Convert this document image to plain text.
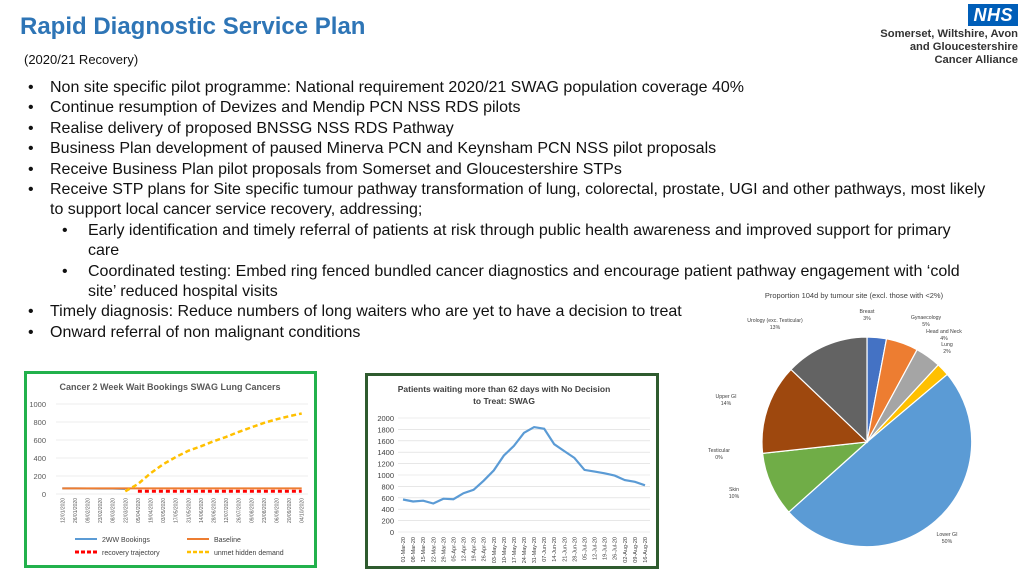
Rapid Diagnostic Service Plan
(2020/21 Recovery)
NHS
Somerset, Wiltshire, Avon
and Gloucestershire
Cancer Alliance
• Non site specific pilot programme: National requirement 2020/21 SWAG population coverage 40%
• Continue resumption of Devizes and Mendip PCN NSS RDS pilots
• Realise delivery of proposed BNSSG NSS RDS Pathway
• Business Plan development of paused Minerva PCN and Keynsham PCN NSS pilot proposals
• Receive Business Plan pilot proposals from Somerset and Gloucestershire STPs
• Receive STP plans for Site specific tumour pathway transformation of lung, colorectal, prostate, UGI and other pathways, most likely to support local cancer service recovery, addressing;
• Early identification and timely referral of patients at risk through public health awareness and improved support for primary care
• Coordinated testing: Embed ring fenced bundled cancer diagnostics and encourage patient pathway engagement with ‘cold site’ reduced hospital visits
• Timely diagnosis: Reduce numbers of long waiters who are yet to have a decision to treat
• Onward referral of non malignant conditions
Cancer 2 Week Wait Bookings SWAG Lung Cancers
0
200
400
600
800
1000
12/01/2020 26/01/2020 09/02/2020 23/02/2020 08/03/2020 22/03/2020 05/04/2020 19/04/2020 03/05/2020 17/05/2020 31/05/2020 14/06/2020 28/06/2020 12/07/2020 26/07/2020 09/08/2020 23/08/2020 06/09/2020 20/09/2020 04/10/2020
2WW Bookings	Baseline
recovery trajectory	unmet hidden demand
Patients waiting more than 62 days with No Decision
to Treat: SWAG
0
200
400
600
800
1000
1200
1400
1600
1800
2000
01-Mar-20 08-Mar-20 15-Mar-20 22-Mar-20 29-Mar-20 05-Apr-20 12-Apr-20 19-Apr-20 26-Apr-20 03-May-20 10-May-20 17-May-20 24-May-20 31-May-20 07-Jun-20 14-Jun-20 21-Jun-20 28-Jun-20 05-Jul-20 12-Jul-20 19-Jul-20 26-Jul-20 02-Aug-20 09-Aug-20 16-Aug-20
Proportion 104d by tumour site (excl. those with <2%)
Breast
3%	Gynaecology
5%
Head and Neck
4%
Lung
2%
Lower GI
50%
Skin
10%
Testicular
0%
Upper GI
14%
Urology (exc. Testicular)
13%
